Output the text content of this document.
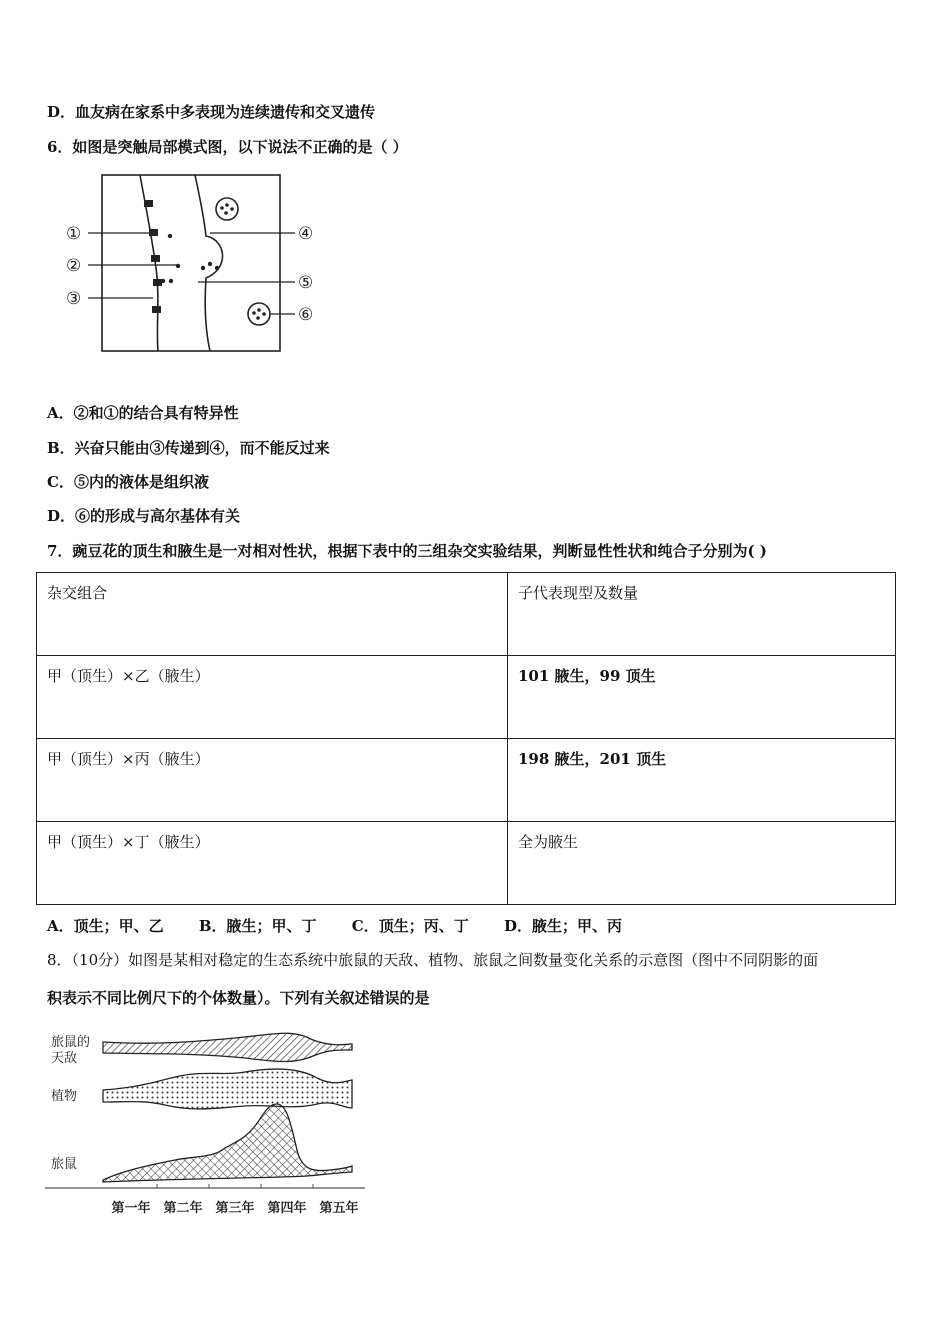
D．血友病在家系中多表现为连续遗传和交叉遗传
6．如图是突触局部模式图，以下说法不正确的是（ ）
①
②
③
④
⑤
⑥
A．②和①的结合具有特异性
B．兴奋只能由③传递到④，而不能反过来
C．⑤内的液体是组织液
D．⑥的形成与高尔基体有关
7．豌豆花的顶生和腋生是一对相对性状，根据下表中的三组杂交实验结果，判断显性性状和纯合子分别为( )
杂交组合	子代表现型及数量
甲（顶生）×乙（腋生）	101 腋生，99 顶生
甲（顶生）×丙（腋生）	198 腋生，201 顶生
甲（顶生）×丁（腋生）	全为腋生
A．顶生；甲、乙 B．腋生；甲、丁 C．顶生；丙、丁 D．腋生；甲、丙
8．（10分）如图是某相对稳定的生态系统中旅鼠的天敌、植物、旅鼠之间数量变化关系的示意图（图中不同阴影的面
积表示不同比例尺下的个体数量）。下列有关叙述错误的是
旅鼠的
天敌
植物
旅鼠
第一年 第二年 第三年 第四年 第五年
